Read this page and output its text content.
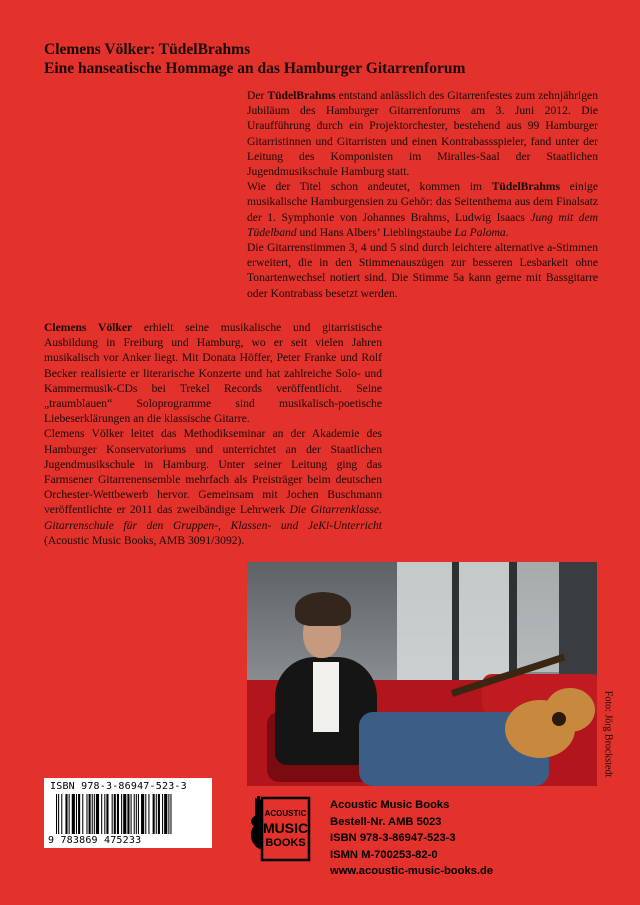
Clemens Völker: TüdelBrahms
Eine hanseatische Hommage an das Hamburger Gitarrenforum

Der TüdelBrahms entstand anlässlich des Gitarrenfestes zum zehnjährigen Jubiläum des Hamburger Gitarrenforums am 3. Juni 2012. Die Uraufführung durch ein Projektorchester, bestehend aus 99 Hamburger Gitarristinnen und Gitarristen und einen Kontrabassspieler, fand unter der Leitung des Komponisten im Miralles-Saal der Staatlichen Jugendmusikschule Hamburg statt.

Wie der Titel schon andeutet, kommen im TüdelBrahms einige musikalische Hamburgensien zu Gehör: das Seitenthema aus dem Finalsatz der 1. Symphonie von Johannes Brahms, Ludwig Isaacs Jung mit dem Tüdelband und Hans Albers’ Lieblingstaube La Paloma.

Die Gitarrenstimmen 3, 4 und 5 sind durch leichtere alternative a-Stimmen erweitert, die in den Stimmenauszügen zur besseren Lesbarkeit ohne Tonartenwechsel notiert sind. Die Stimme 5a kann gerne mit Bassgitarre oder Kontrabass besetzt werden.

Clemens Völker erhielt seine musikalische und gitarristische Ausbildung in Freiburg und Hamburg, wo er seit vielen Jahren musikalisch vor Anker liegt. Mit Donata Höffer, Peter Franke und Rolf Becker realisierte er literarische Konzerte und hat zahlreiche Solo- und Kammermusik-CDs bei Trekel Records veröffentlicht. Seine „traumblauen“ Soloprogramme sind musikalisch-poetische Liebeserklärungen an die klassische Gitarre.

Clemens Völker leitet das Methodikseminar an der Akademie des Hamburger Konservatoriums und unterrichtet an der Staatlichen Jugendmusikschule in Hamburg. Unter seiner Leitung ging das Farmsener Gitarrenensemble mehrfach als Preisträger beim deutschen Orchester-Wettbewerb hervor. Gemeinsam mit Jochen Buschmann veröffentlichte er 2011 das zweibändige Lehrwerk Die Gitarrenklasse. Gitarrenschule für den Gruppen-, Klassen- und JeKi-Unterricht (Acoustic Music Books, AMB 3091/3092).

Foto: Jörg Brockstedt
ISBN 978-3-86947-523-3
9 783869 475233
ACOUSTIC
MUSIC
BOOKS
Acoustic Music Books
Bestell-Nr. AMB 5023
ISBN 978-3-86947-523-3
ISMN M-700253-82-0
www.acoustic-music-books.de
